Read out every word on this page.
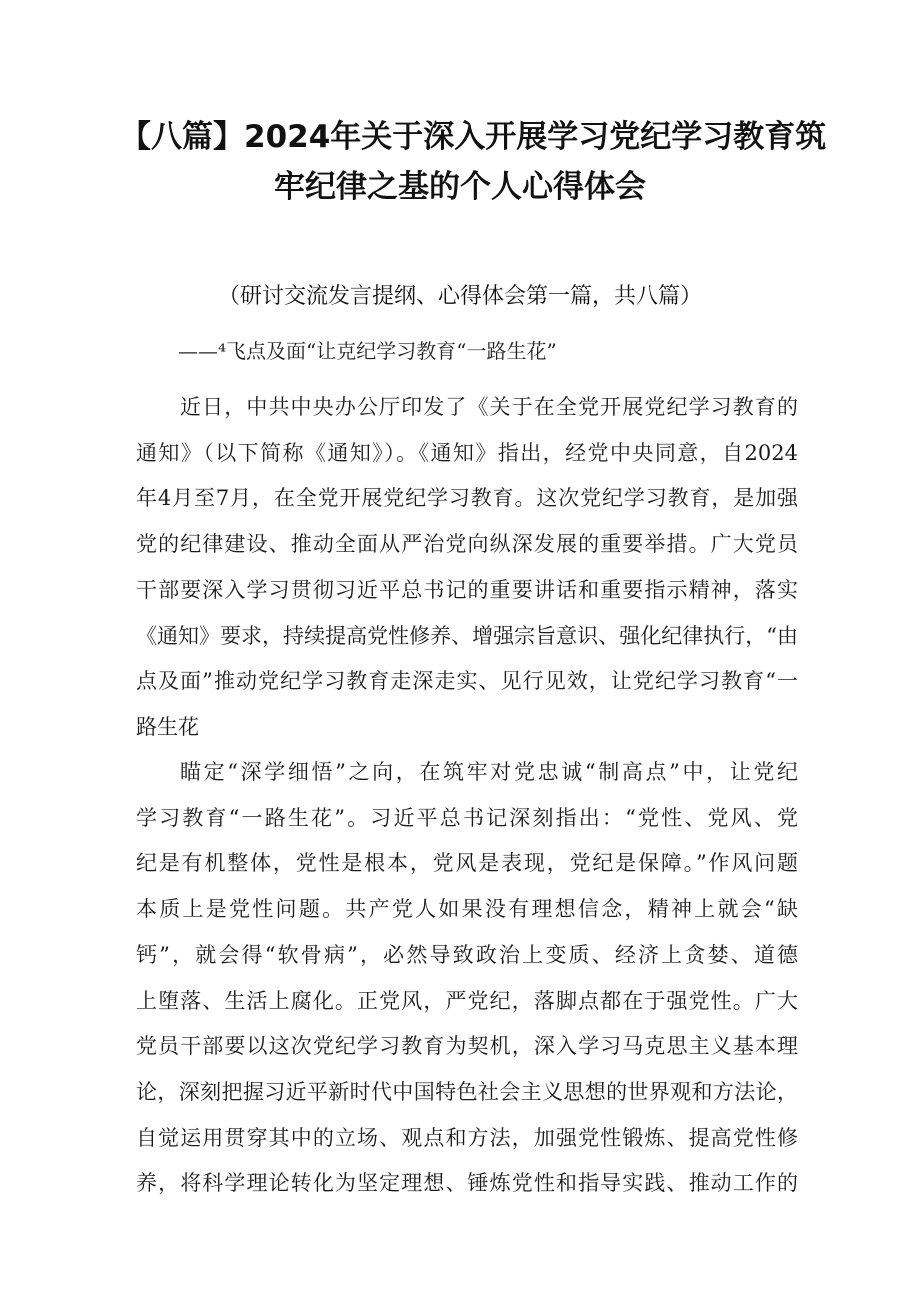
【八篇】2024年关于深入开展学习党纪学习教育筑
牢纪律之基的个人心得体会

（研讨交流发言提纲、心得体会第一篇，共八篇）

——⁴飞点及面“让克纪学习教育“一路生花”

近日，中共中央办公厅印发了《关于在全党开展党纪学习教育的
通知》（以下简称《通知》）。《通知》指出，经党中央同意，自2024
年4月至7月，在全党开展党纪学习教育。这次党纪学习教育，是加强
党的纪律建设、推动全面从严治党向纵深发展的重要举措。广大党员
干部要深入学习贯彻习近平总书记的重要讲话和重要指示精神，落实
《通知》要求，持续提高党性修养、增强宗旨意识、强化纪律执行，“由
点及面”推动党纪学习教育走深走实、见行见效，让党纪学习教育“一
路生花
瞄定“深学细悟”之向，在筑牢对党忠诚“制高点”中，让党纪
学习教育“一路生花”。习近平总书记深刻指出：“党性、党风、党
纪是有机整体，党性是根本，党风是表现，党纪是保障。”作风问题
本质上是党性问题。共产党人如果没有理想信念，精神上就会“缺
钙”，就会得“软骨病”，必然导致政治上变质、经济上贪婪、道德
上堕落、生活上腐化。正党风，严党纪，落脚点都在于强党性。广大
党员干部要以这次党纪学习教育为契机，深入学习马克思主义基本理
论，深刻把握习近平新时代中国特色社会主义思想的世界观和方法论，
自觉运用贯穿其中的立场、观点和方法，加强党性锻炼、提高党性修
养，将科学理论转化为坚定理想、锤炼党性和指导实践、推动工作的
